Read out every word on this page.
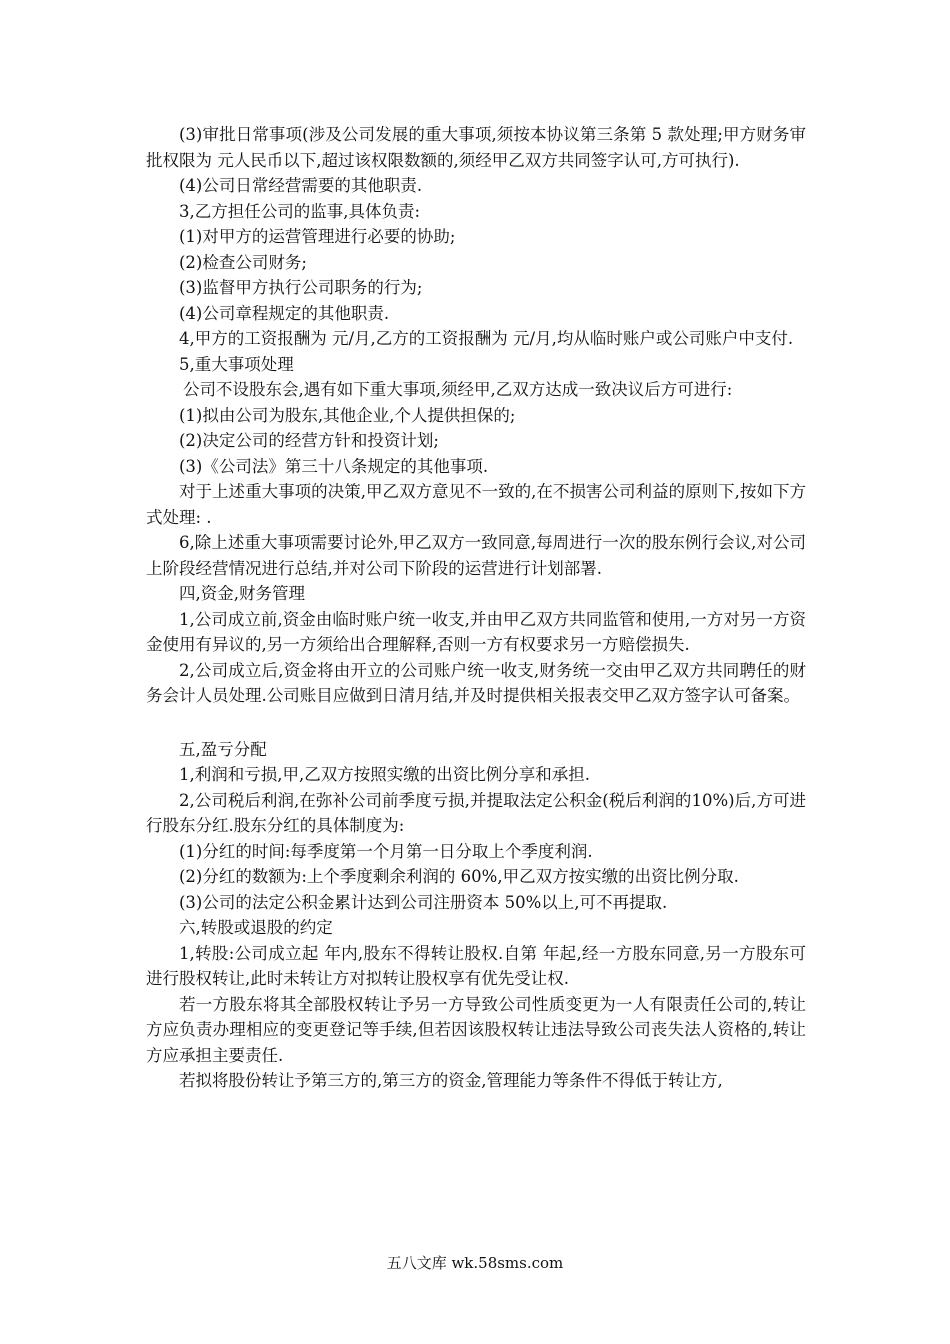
(3)审批日常事项(涉及公司发展的重大事项,须按本协议第三条第 5 款处理;甲方财务审批权限为 元人民币以下,超过该权限数额的,须经甲乙双方共同签字认可,方可执行).

(4)公司日常经营需要的其他职责.

3,乙方担任公司的监事,具体负责:

(1)对甲方的运营管理进行必要的协助;

(2)检查公司财务;

(3)监督甲方执行公司职务的行为;

(4)公司章程规定的其他职责.

4,甲方的工资报酬为 元/月,乙方的工资报酬为 元/月,均从临时账户或公司账户中支付.

5,重大事项处理

公司不设股东会,遇有如下重大事项,须经甲,乙双方达成一致决议后方可进行:

(1)拟由公司为股东,其他企业,个人提供担保的;

(2)决定公司的经营方针和投资计划;

(3)《公司法》第三十八条规定的其他事项.

对于上述重大事项的决策,甲乙双方意见不一致的,在不损害公司利益的原则下,按如下方式处理: .

6,除上述重大事项需要讨论外,甲乙双方一致同意,每周进行一次的股东例行会议,对公司上阶段经营情况进行总结,并对公司下阶段的运营进行计划部署.

四,资金,财务管理

1,公司成立前,资金由临时账户统一收支,并由甲乙双方共同监管和使用,一方对另一方资金使用有异议的,另一方须给出合理解释,否则一方有权要求另一方赔偿损失.

2,公司成立后,资金将由开立的公司账户统一收支,财务统一交由甲乙双方共同聘任的财务会计人员处理.公司账目应做到日清月结,并及时提供相关报表交甲乙双方签字认可备案。

五,盈亏分配

1,利润和亏损,甲,乙双方按照实缴的出资比例分享和承担.

2,公司税后利润,在弥补公司前季度亏损,并提取法定公积金(税后利润的10%)后,方可进行股东分红.股东分红的具体制度为:

(1)分红的时间:每季度第一个月第一日分取上个季度利润.

(2)分红的数额为:上个季度剩余利润的 60%,甲乙双方按实缴的出资比例分取.

(3)公司的法定公积金累计达到公司注册资本 50%以上,可不再提取.

六,转股或退股的约定

1,转股:公司成立起 年内,股东不得转让股权.自第 年起,经一方股东同意,另一方股东可进行股权转让,此时未转让方对拟转让股权享有优先受让权.

若一方股东将其全部股权转让予另一方导致公司性质变更为一人有限责任公司的,转让方应负责办理相应的变更登记等手续,但若因该股权转让违法导致公司丧失法人资格的,转让方应承担主要责任.

若拟将股份转让予第三方的,第三方的资金,管理能力等条件不得低于转让方,

五八文库 wk.58sms.com
